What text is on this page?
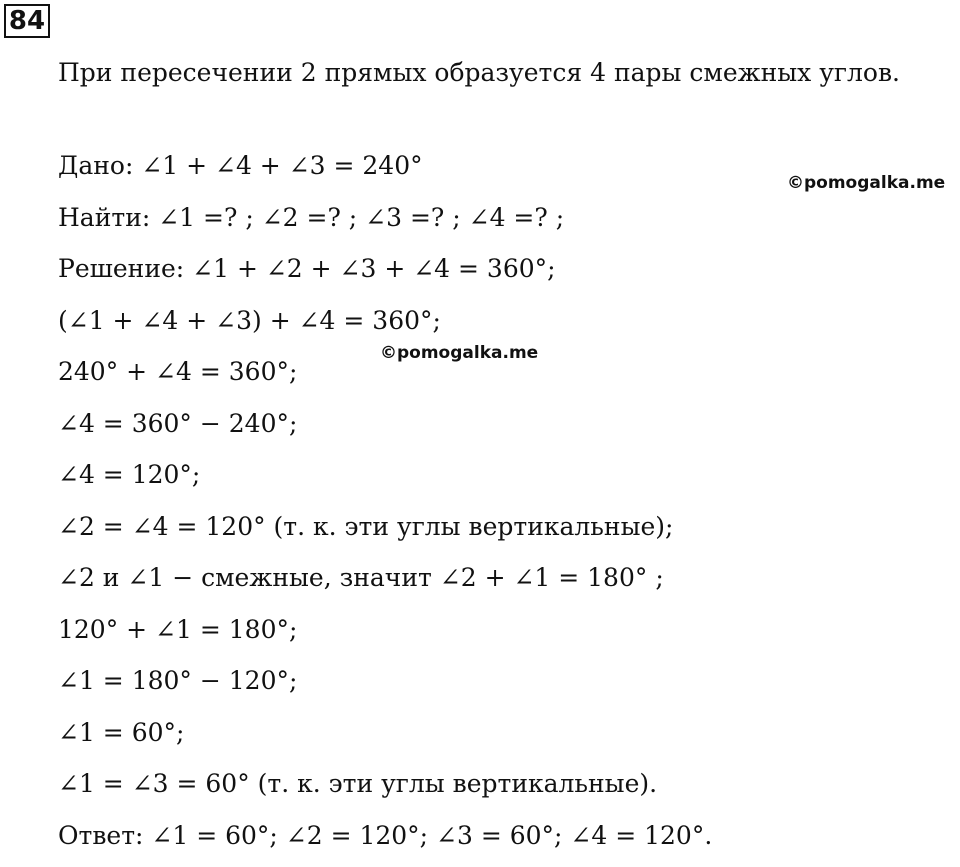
84
При пересечении 2 прямых образуется 4 пары смежных углов.
Дано: ∠1 + ∠4 + ∠3 = 240°
Найти: ∠1 =? ; ∠2 =? ; ∠3 =? ; ∠4 =? ;
Решение: ∠1 + ∠2 + ∠3 + ∠4 = 360°;
(∠1 + ∠4 + ∠3) + ∠4 = 360°;
240° + ∠4 = 360°;
∠4 = 360° − 240°;
∠4 = 120°;
∠2 = ∠4 = 120° (т. к. эти углы вертикальные);
∠2 и ∠1 − смежные, значит ∠2 + ∠1 = 180° ;
120° + ∠1 = 180°;
∠1 = 180° − 120°;
∠1 = 60°;
∠1 = ∠3 = 60° (т. к. эти углы вертикальные).
Ответ: ∠1 = 60°; ∠2 = 120°; ∠3 = 60°; ∠4 = 120°.
©pomogalka.me
©pomogalka.me
